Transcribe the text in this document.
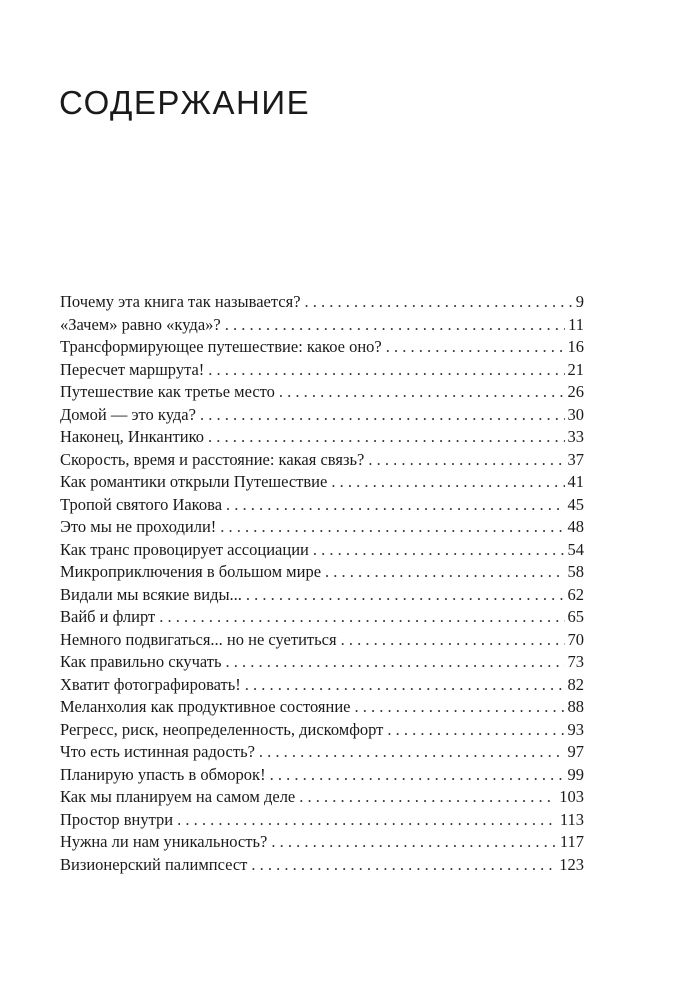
СОДЕРЖАНИЕ
Почему эта книга так называется? . . .	9
«Зачем» равно «куда»? . . .	11
Трансформирующее путешествие: какое оно? . . .	16
Пересчет маршрута! . . .	21
Путешествие как третье место . . .	26
Домой — это куда? . . .	30
Наконец, Инкантико . . .	33
Скорость, время и расстояние: какая связь? . . .	37
Как романтики открыли Путешествие . . .	41
Тропой святого Иакова . . .	45
Это мы не проходили! . . .	48
Как транс провоцирует ассоциации . . .	54
Микроприключения в большом мире . . .	58
Видали мы всякие виды... . . .	62
Вайб и флирт . . .	65
Немного подвигаться... но не суетиться . . .	70
Как правильно скучать . . .	73
Хватит фотографировать! . . .	82
Меланхолия как продуктивное состояние . . .	88
Регресс, риск, неопределенность, дискомфорт . . .	93
Что есть истинная радость? . . .	97
Планирую упасть в обморок! . . .	99
Как мы планируем на самом деле . . .	103
Простор внутри . . .	113
Нужна ли нам уникальность? . . .	117
Визионерский палимпсест . . .	123
